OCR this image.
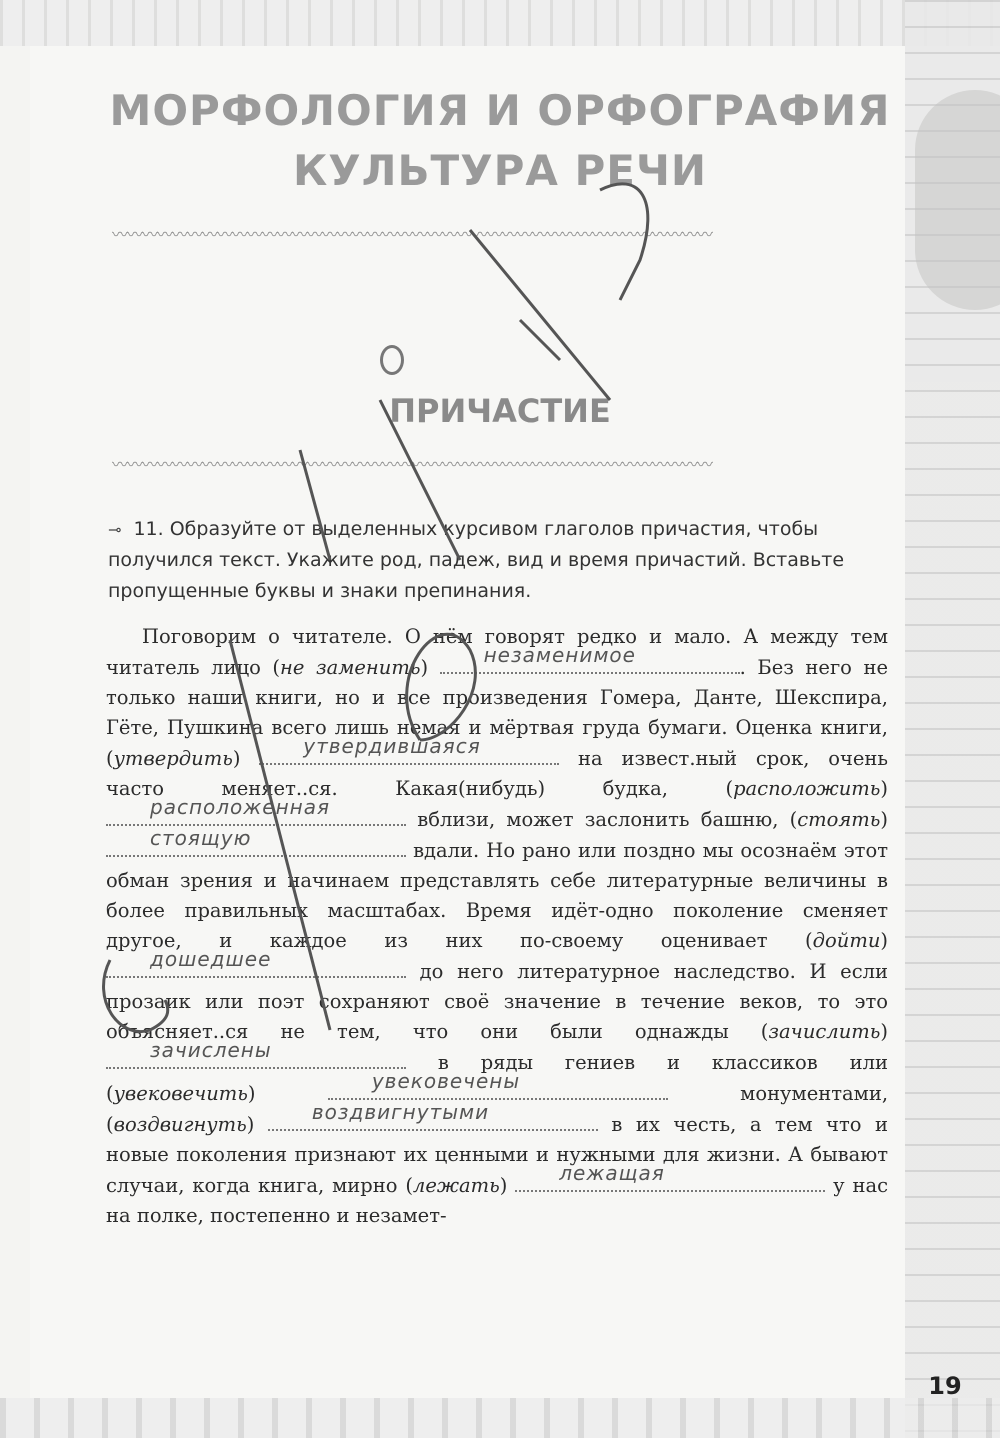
МОРФОЛОГИЯ И ОРФОГРАФИЯ
КУЛЬТУРА РЕЧИ
〰〰〰〰〰〰〰〰〰〰〰〰〰〰〰〰〰〰〰〰〰〰〰〰〰〰〰〰〰〰〰〰〰〰〰〰〰〰〰〰
ПРИЧАСТИЕ
〰〰〰〰〰〰〰〰〰〰〰〰〰〰〰〰〰〰〰〰〰〰〰〰〰〰〰〰〰〰〰〰〰〰〰〰〰〰〰〰

⊸ 11. Образуйте от выделенных курсивом глаголов причастия, чтобы получился текст. Укажите род, падеж, вид и время причастий. Вставьте пропущенные буквы и знаки препинания.

Поговорим о читателе. О нём говорят редко и мало. А между тем читатель лицо (не заменить)
незаменимое
. Без него не только наши книги, но и все произведения Гомера, Данте, Шекспира, Гёте, Пушкина всего лишь немая и мёртвая груда бумаги. Оценка книги, (утвердить)
утвердившаяся
на извест.ный срок, очень часто меняет..ся. Какая(нибудь) будка, (расположить)
расположенная
вблизи, может заслонить башню, (стоять)
стоящую
вдали. Но рано или поздно мы осознаём этот обман зрения и начинаем представлять себе литературные величины в более правильных масштабах. Время идёт-одно поколение сменяет другое, и каждое из них по-своему оценивает (дойти)
дошедшее
до него литературное наследство. И если прозаик или поэт сохраняют своё значение в течение веков, то это объясняет..ся не тем, что они были однажды (зачислить)
зачислены
в ряды гениев и классиков или (увековечить)
увековечены
монументами, (воздвигнуть)
воздвигнутыми
в их честь, а тем что и новые поколения признают их ценными и нужными для жизни. А бывают случаи, когда книга, мирно (лежать)
лежащая
у нас на полке, постепенно и незамет-

19
